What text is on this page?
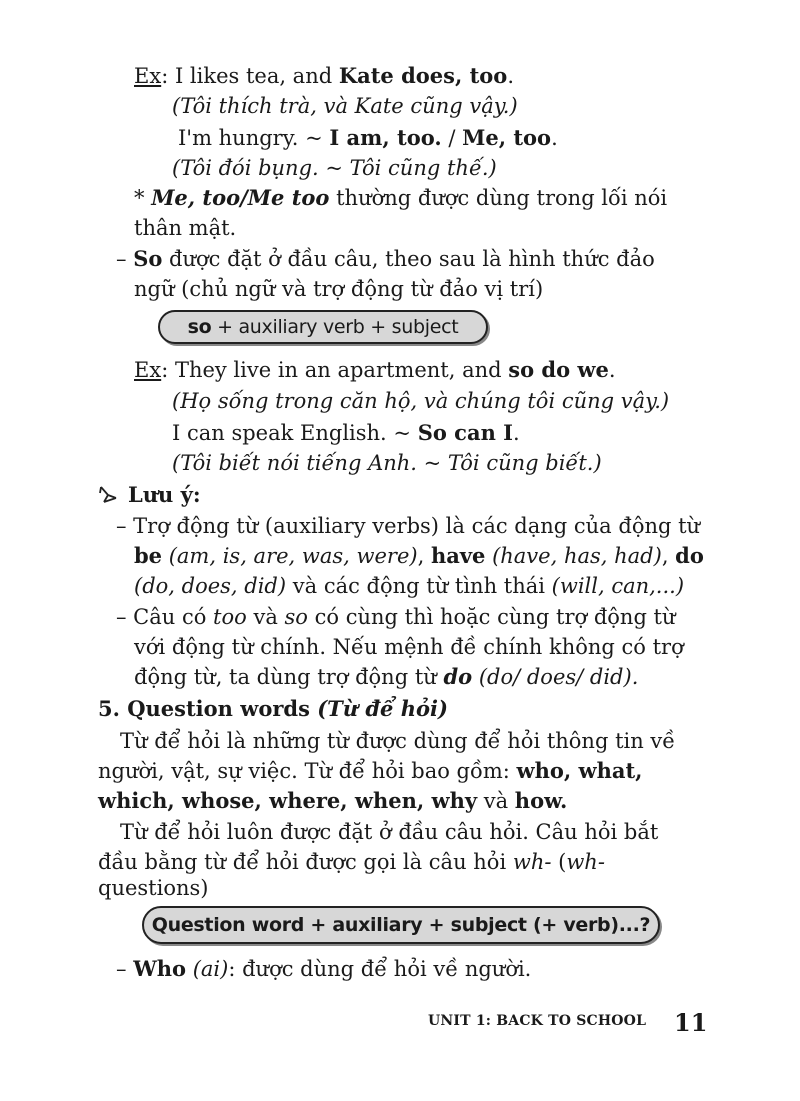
Ex: I likes tea, and Kate does, too.
(Tôi thích trà, và Kate cũng vậy.)
I'm hungry. ~ I am, too. / Me, too.
(Tôi đói bụng. ~ Tôi cũng thế.)
* Me, too/Me too thường được dùng trong lối nói
thân mật.
– So được đặt ở đầu câu, theo sau là hình thức đảo
ngữ (chủ ngữ và trợ động từ đảo vị trí)
so + auxiliary verb + subject
Ex: They live in an apartment, and so do we.
(Họ sống trong căn hộ, và chúng tôi cũng vậy.)
I can speak English. ~ So can I.
(Tôi biết nói tiếng Anh. ~ Tôi cũng biết.)
Lưu ý:
– Trợ động từ (auxiliary verbs) là các dạng của động từ
be (am, is, are, was, were), have (have, has, had), do
(do, does, did) và các động từ tình thái (will, can,...)
– Câu có too và so có cùng thì hoặc cùng trợ động từ
với động từ chính. Nếu mệnh đề chính không có trợ
động từ, ta dùng trợ động từ do (do/ does/ did).
5. Question words (Từ để hỏi)
Từ để hỏi là những từ được dùng để hỏi thông tin về
người, vật, sự việc. Từ để hỏi bao gồm: who, what,
which, whose, where, when, why và how.
Từ để hỏi luôn được đặt ở đầu câu hỏi. Câu hỏi bắt
đầu bằng từ để hỏi được gọi là câu hỏi wh- (wh-
questions)
Question word + auxiliary + subject (+ verb)...?
– Who (ai): được dùng để hỏi về người.
UNIT 1: BACK TO SCHOOL 11
